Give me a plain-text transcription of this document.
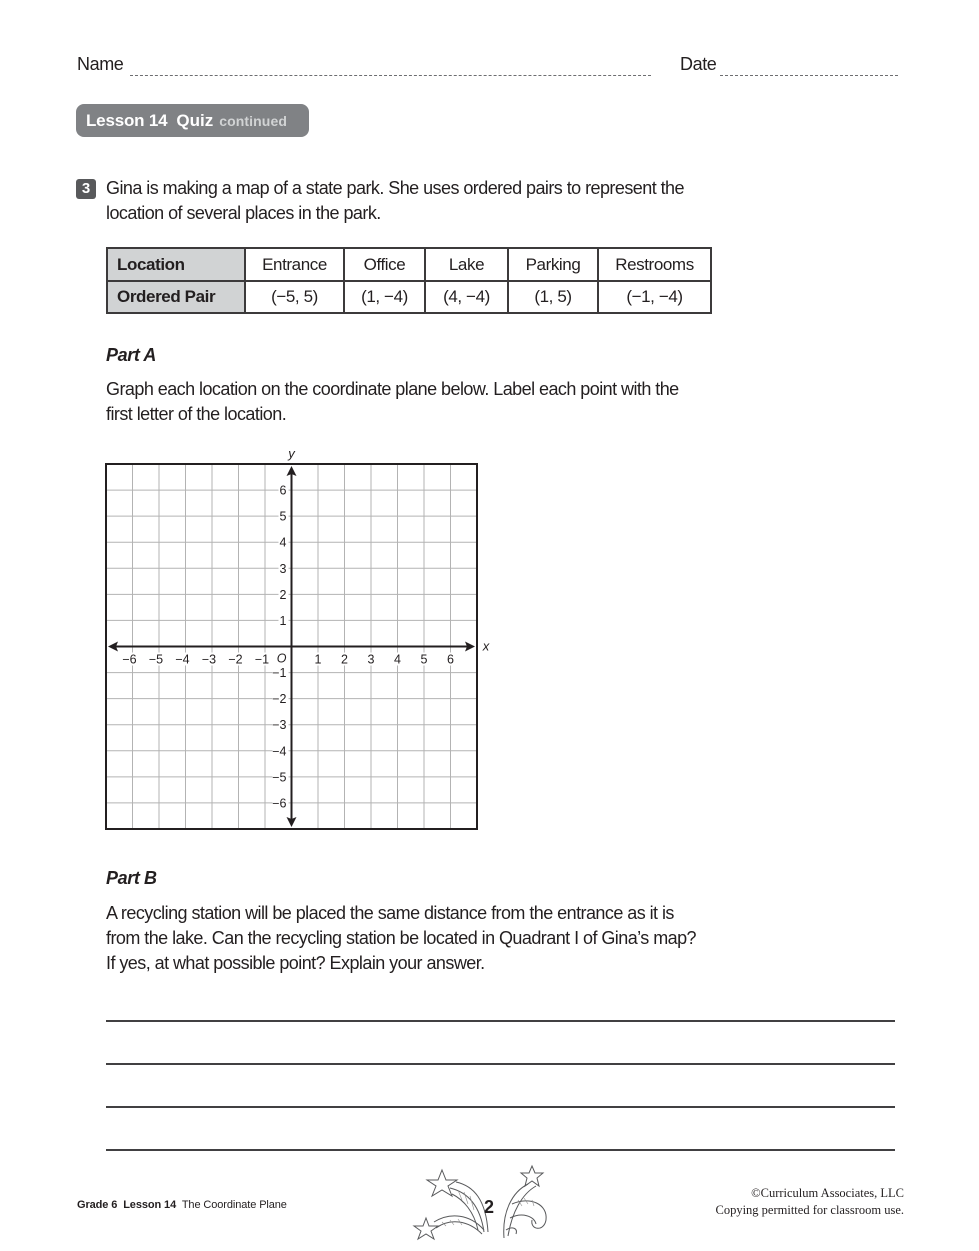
Name	Date
Lesson 14 Quiz continued
3 Gina is making a map of a state park. She uses ordered pairs to represent the
location of several places in the park.
Location	Entrance	Office	Lake	Parking	Restrooms
Ordered Pair	(−5, 5)	(1, −4)	(4, −4)	(1, 5)	(−1, −4)
Part A
Graph each location on the coordinate plane below. Label each point with the
first letter of the location.
−6
−5
−4
−3
−2
−1
1
2
3
4
5
6
−6 −5 −4 −3 −2 −1	1 2 3 4 5 6
O
y
x
Part B
A recycling station will be placed the same distance from the entrance as it is
from the lake. Can the recycling station be located in Quadrant I of Gina’s map?
If yes, at what possible point? Explain your answer.
Grade 6 Lesson 14 The Coordinate Plane	2
©Curriculum Associates, LLC
Copying permitted for classroom use.
